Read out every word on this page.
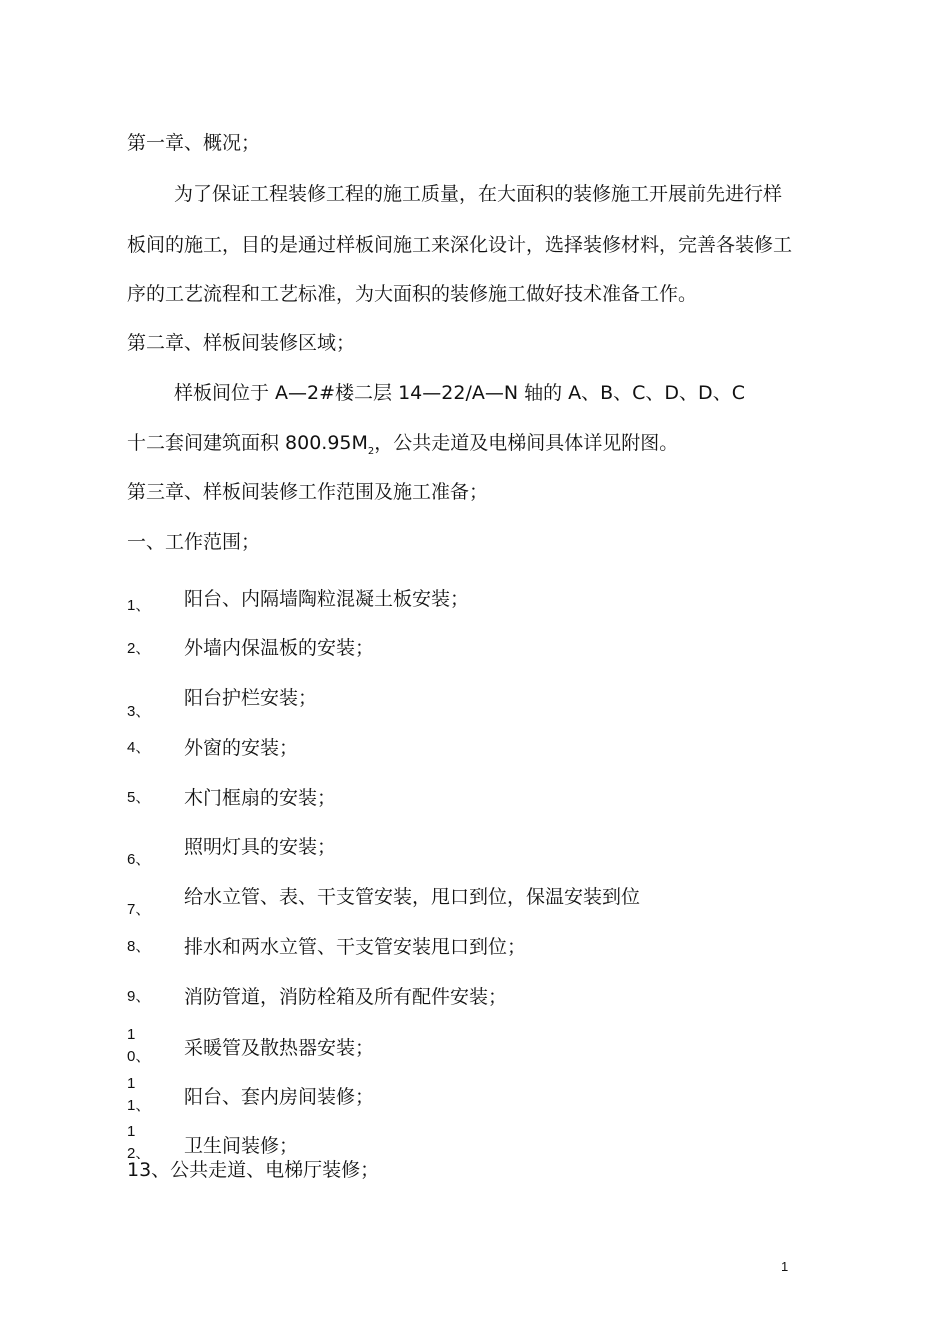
第一章、概况；
为了保证工程装修工程的施工质量，在大面积的装修施工开展前先进行样
板间的施工，目的是通过样板间施工来深化设计，选择装修材料，完善各装修工
序的工艺流程和工艺标准，为大面积的装修施工做好技术准备工作。
第二章、样板间装修区域；
样板间位于 A—2#楼二层 14—22/A—N 轴的 A、B、C、D、D、C
十二套间建筑面积 $800.95M_2$，公共走道及电梯间具体详见附图。
第三章、样板间装修工作范围及施工准备；
一、工作范围；
1、 阳台、内隔墙陶粒混凝土板安装；
2、 外墙内保温板的安装；
3、
阳台护栏安装；
4、 外窗的安装；
5、 木门框扇的安装；
6、
照明灯具的安装；
7、
给水立管、表、干支管安装，甩口到位，保温安装到位
8、 排水和两水立管、干支管安装甩口到位；
9、 消防管道，消防栓箱及所有配件安装；
1
0、 采暖管及散热器安装；
1
1、 阳台、套内房间装修；
1
2、 卫生间装修；
13、公共走道、电梯厅装修；
1
